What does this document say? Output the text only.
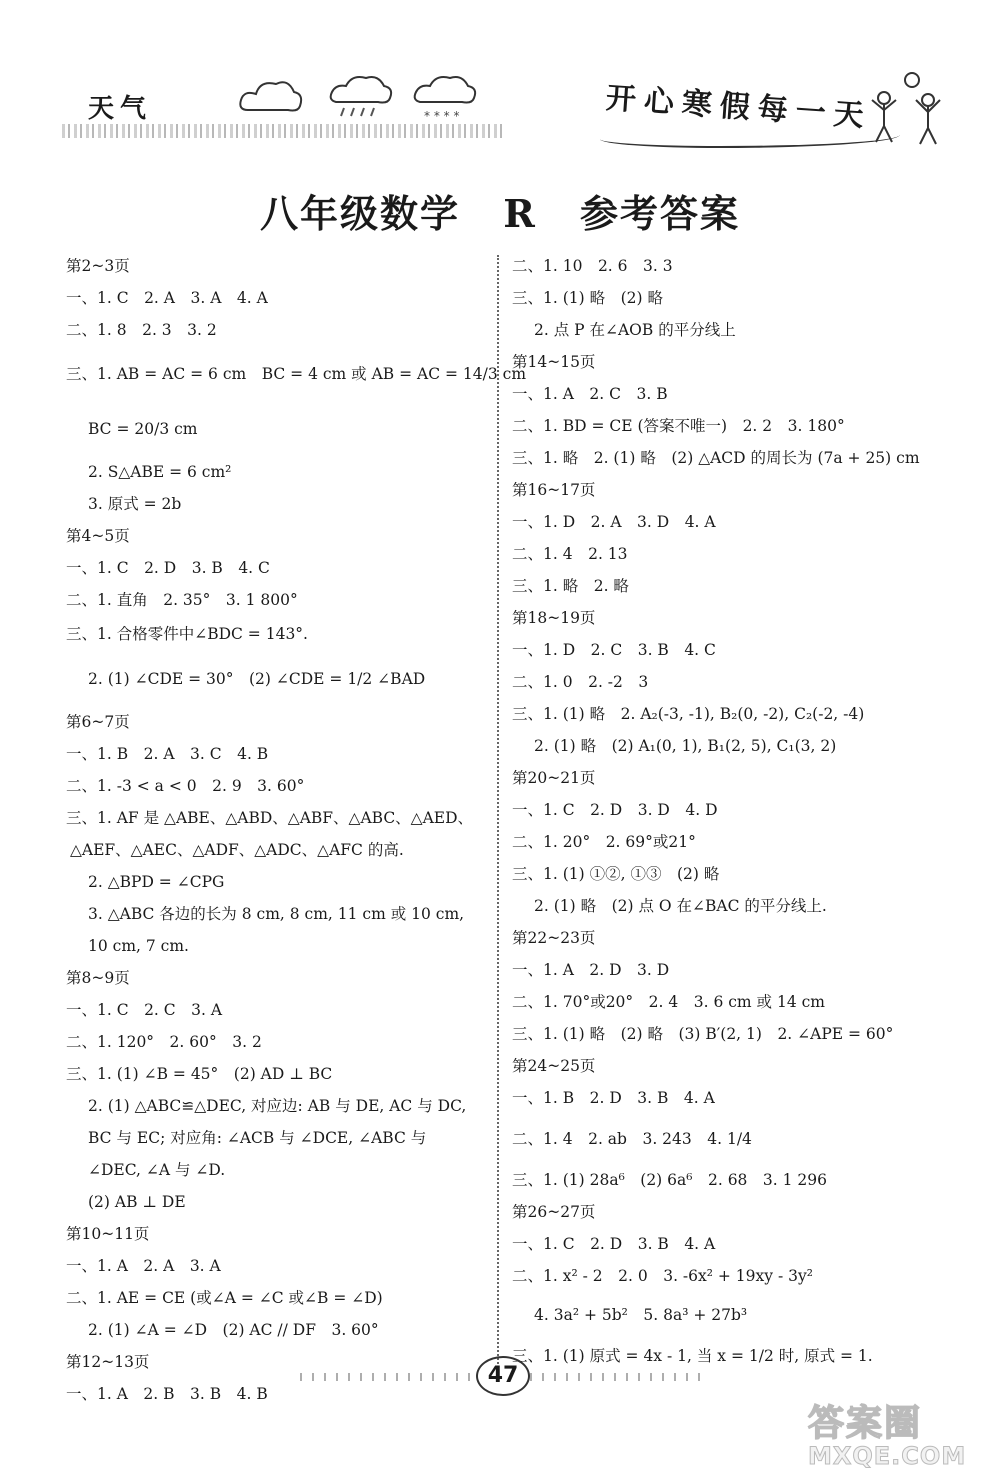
天气	* * * *	开心寒假每一天
八年级数学 R 参考答案
第2~3页
一、1. C　2. A　3. A　4. A
二、1. 8　2. 3　3. 2
三、1. AB = AC = 6 cm　BC = 4 cm 或 AB = AC = 14/3 cm
BC = 20/3 cm
2. S△ABE = 6 cm²
3. 原式 = 2b
第4~5页
一、1. C　2. D　3. B　4. C
二、1. 直角　2. 35°　3. 1 800°
三、1. 合格零件中∠BDC = 143°.
2. (1) ∠CDE = 30°　(2) ∠CDE = 1/2 ∠BAD
第6~7页
一、1. B　2. A　3. C　4. B
二、1. -3 < a < 0　2. 9　3. 60°
三、1. AF 是 △ABE、△ABD、△ABF、△ABC、△AED、
△AEF、△AEC、△ADF、△ADC、△AFC 的高.
2. △BPD = ∠CPG
3. △ABC 各边的长为 8 cm, 8 cm, 11 cm 或 10 cm,
10 cm, 7 cm.
第8~9页
一、1. C　2. C　3. A
二、1. 120°　2. 60°　3. 2
三、1. (1) ∠B = 45°　(2) AD ⊥ BC
2. (1) △ABC≌△DEC, 对应边: AB 与 DE, AC 与 DC,
BC 与 EC; 对应角: ∠ACB 与 ∠DCE, ∠ABC 与
∠DEC, ∠A 与 ∠D.
(2) AB ⊥ DE
第10~11页
一、1. A　2. A　3. A
二、1. AE = CE (或∠A = ∠C 或∠B = ∠D)
2. (1) ∠A = ∠D　(2) AC // DF　3. 60°
第12~13页
一、1. A　2. B　3. B　4. B
二、1. 10　2. 6　3. 3
三、1. (1) 略　(2) 略
2. 点 P 在∠AOB 的平分线上
第14~15页
一、1. A　2. C　3. B
二、1. BD = CE (答案不唯一)　2. 2　3. 180°
三、1. 略　2. (1) 略　(2) △ACD 的周长为 (7a + 25) cm
第16~17页
一、1. D　2. A　3. D　4. A
二、1. 4　2. 13
三、1. 略　2. 略
第18~19页
一、1. D　2. C　3. B　4. C
二、1. 0　2. -2　3
三、1. (1) 略　2. A₂(-3, -1), B₂(0, -2), C₂(-2, -4)
2. (1) 略　(2) A₁(0, 1), B₁(2, 5), C₁(3, 2)
第20~21页
一、1. C　2. D　3. D　4. D
二、1. 20°　2. 69°或21°
三、1. (1) ①②, ①③　(2) 略
2. (1) 略　(2) 点 O 在∠BAC 的平分线上.
第22~23页
一、1. A　2. D　3. D
二、1. 70°或20°　2. 4　3. 6 cm 或 14 cm
三、1. (1) 略　(2) 略　(3) B′(2, 1)　2. ∠APE = 60°
第24~25页
一、1. B　2. D　3. B　4. A
二、1. 4　2. ab　3. 243　4. 1/4
三、1. (1) 28a⁶　(2) 6a⁶　2. 68　3. 1 296
第26~27页
一、1. C　2. D　3. B　4. A
二、1. x² - 2　2. 0　3. -6x² + 19xy - 3y²
4. 3a² + 5b²　5. 8a³ + 27b³
三、1. (1) 原式 = 4x - 1, 当 x = 1/2 时, 原式 = 1.
47
答案圈
MXQE.COM
